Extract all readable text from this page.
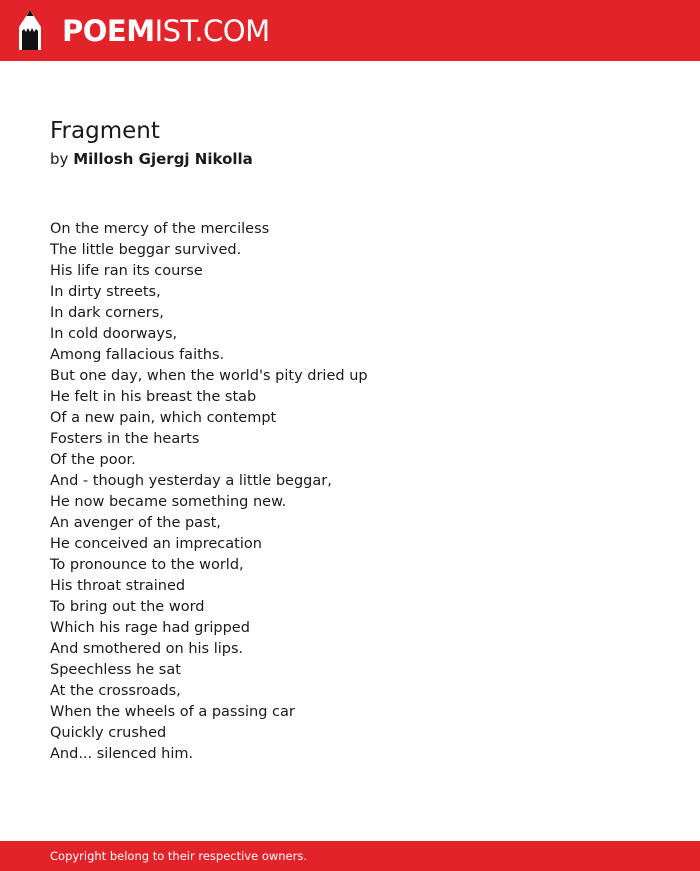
POEMIST.COM
Fragment
by Millosh Gjergj Nikolla
On the mercy of the merciless
The little beggar survived.
His life ran its course
In dirty streets,
In dark corners,
In cold doorways,
Among fallacious faiths.
But one day, when the world's pity dried up
He felt in his breast the stab
Of a new pain, which contempt
Fosters in the hearts
Of the poor.
And - though yesterday a little beggar,
He now became something new.
An avenger of the past,
He conceived an imprecation
To pronounce to the world,
His throat strained
To bring out the word
Which his rage had gripped
And smothered on his lips.
Speechless he sat
At the crossroads,
When the wheels of a passing car
Quickly crushed
And... silenced him.
Copyright belong to their respective owners.
